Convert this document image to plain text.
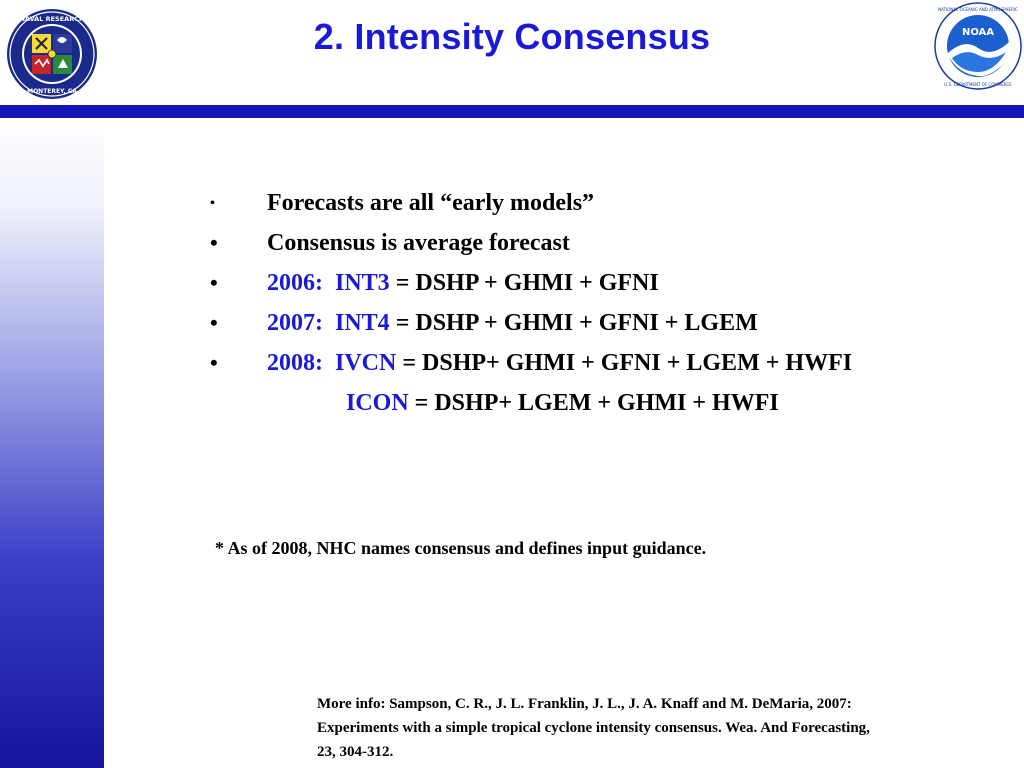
NAVAL RESEARCH
MONTEREY, CA
2. Intensity Consensus	NOAA
NATIONAL OCEANIC AND ATMOSPHERIC
U.S. DEPARTMENT OF COMMERCE
• Forecasts are all “early models”
• Consensus is average forecast
• 2006: INT3 = DSHP + GHMI + GFNI
• 2007: INT4 = DSHP + GHMI + GFNI + LGEM
• 2008: IVCN = DSHP+ GHMI + GFNI + LGEM + HWFI
ICON = DSHP+ LGEM + GHMI + HWFI
* As of 2008, NHC names consensus and defines input guidance.
More info: Sampson, C. R., J. L. Franklin, J. L., J. A. Knaff and M. DeMaria, 2007:
Experiments with a simple tropical cyclone intensity consensus. Wea. And Forecasting,
23, 304-312.
